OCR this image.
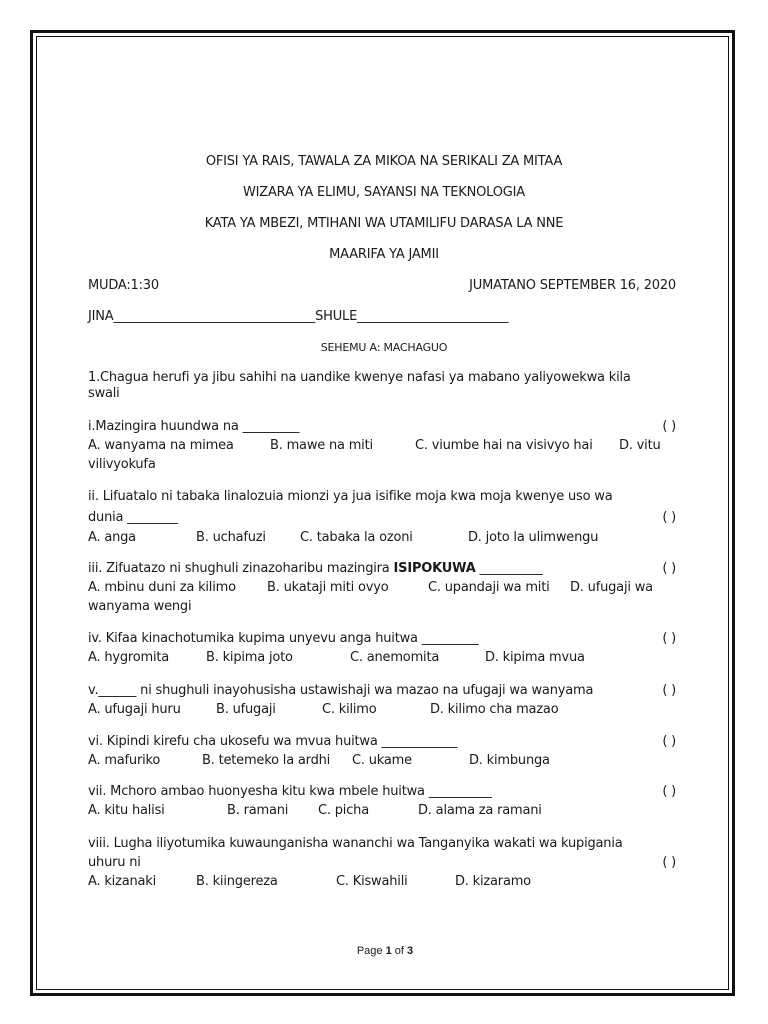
OFISI YA RAIS, TAWALA ZA MIKOA NA SERIKALI ZA MITAA
WIZARA YA ELIMU, SAYANSI NA TEKNOLOGIA
KATA YA MBEZI, MTIHANI WA UTAMILIFU DARASA LA NNE
MAARIFA YA JAMII
MUDA:1:30	JUMATANO SEPTEMBER 16, 2020
JINA________________________________SHULE________________________
SEHEMU A: MACHAGUO
1.Chagua herufi ya jibu sahihi na uandike kwenye nafasi ya mabano yaliyowekwa kila
swali
i.Mazingira huundwa na _________	( )
A. wanyama na mimea	B. mawe na miti	C. viumbe hai na visivyo hai D. vitu
vilivyokufa
ii. Lifuatalo ni tabaka linalozuia mionzi ya jua isifike moja kwa moja kwenye uso wa
dunia ________	( )
A. anga	B. uchafuzi	C. tabaka la ozoni	D. joto la ulimwengu
iii. Zifuatazo ni shughuli zinazoharibu mazingira ISIPOKUWA __________	( )
A. mbinu duni za kilimo B. ukataji miti ovyo	C. upandaji wa miti D. ufugaji wa
wanyama wengi
iv. Kifaa kinachotumika kupima unyevu anga huitwa _________	( )
A. hygromita	B. kipima joto	C. anemomita	D. kipima mvua
v.______ ni shughuli inayohusisha ustawishaji wa mazao na ufugaji wa wanyama	( )
A. ufugaji huru	B. ufugaji	C. kilimo	D. kilimo cha mazao
vi. Kipindi kirefu cha ukosefu wa mvua huitwa ____________	( )
A. mafuriko	B. tetemeko la ardhi C. ukame	D. kimbunga
vii. Mchoro ambao huonyesha kitu kwa mbele huitwa __________	( )
A. kitu halisi	B. ramani C. picha	D. alama za ramani
viii. Lugha iliyotumika kuwaunganisha wananchi wa Tanganyika wakati wa kupigania
uhuru ni	( )
A. kizanaki	B. kiingereza	C. Kiswahili	D. kizaramo
Page 1 of 3
